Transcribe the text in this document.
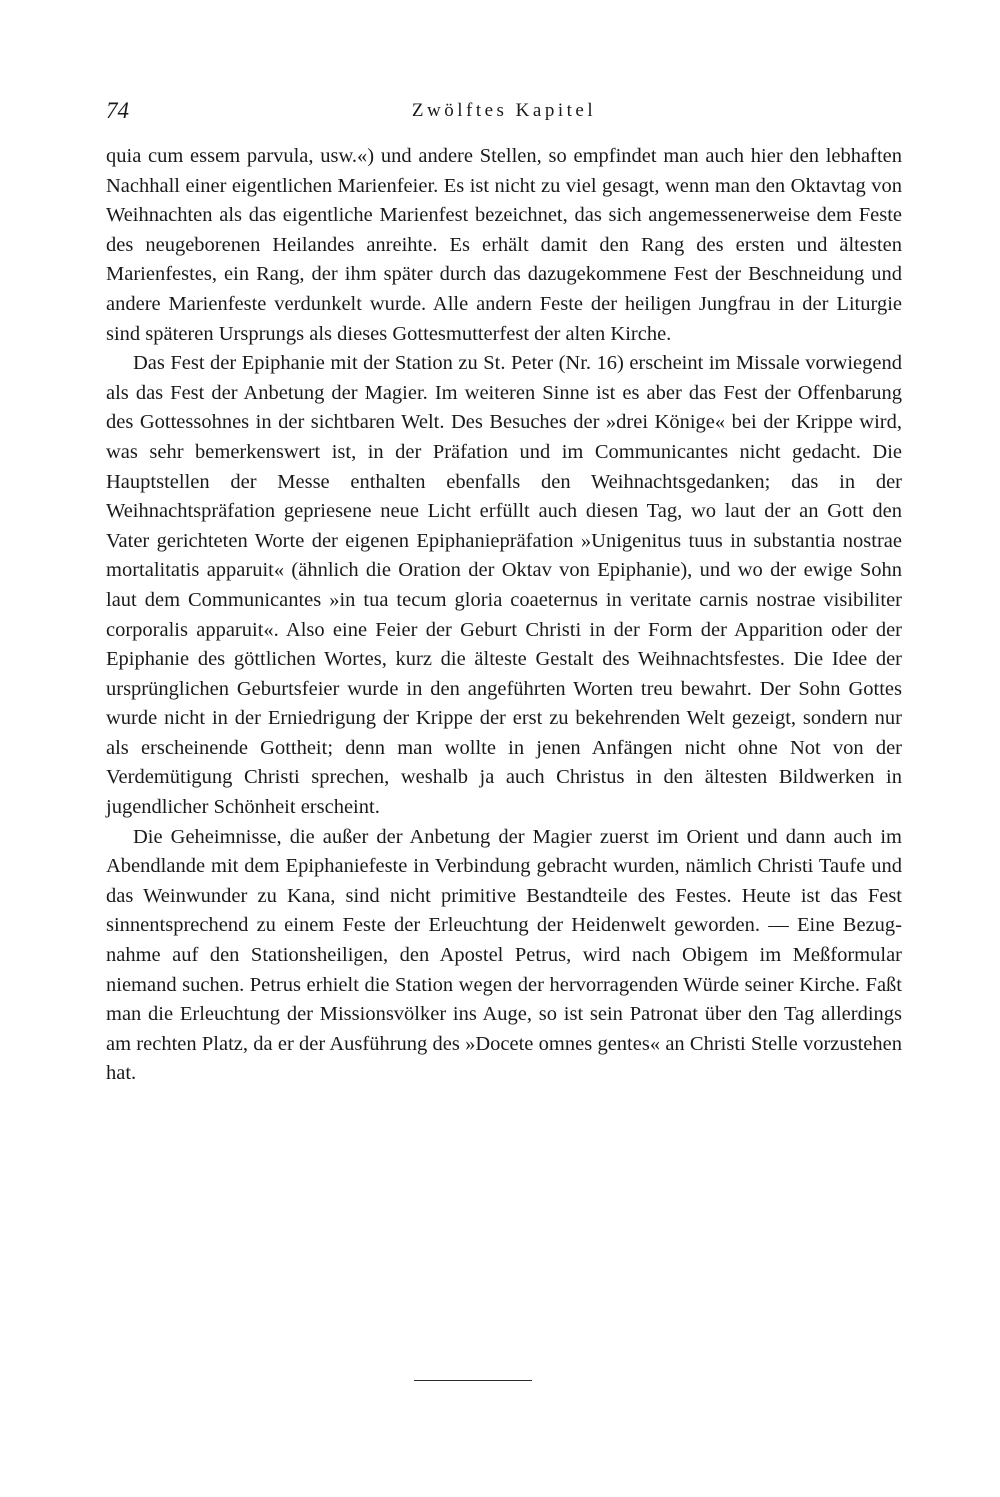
74	Zwölftes Kapitel

quia cum essem parvula, usw.«) und andere Stellen, so empfindet man auch hier den lebhaften Nachhall einer eigentlichen Marienfeier. Es ist nicht zu viel gesagt, wenn man den Oktavtag von Weihnachten als das eigentliche Marienfest bezeichnet, das sich angemessenerweise dem Feste des neugeborenen Heilandes anreihte. Es erhält damit den Rang des ersten und ältesten Marienfestes, ein Rang, der ihm später durch das dazugekommene Fest der Beschneidung und andere Marienfeste verdunkelt wurde. Alle andern Feste der heiligen Jungfrau in der Liturgie sind späteren Ursprungs als dieses Gottesmutterfest der alten Kirche.

Das Fest der Epiphanie mit der Station zu St. Peter (Nr. 16) erscheint im Missale vorwiegend als das Fest der Anbetung der Magier. Im weiteren Sinne ist es aber das Fest der Offenbarung des Gottessohnes in der sichtbaren Welt. Des Besuches der »drei Könige« bei der Krippe wird, was sehr bemerkenswert ist, in der Präfation und im Communicantes nicht gedacht. Die Hauptstellen der Messe enthalten ebenfalls den Weihnachtsgedanken; das in der Weihnachtspräfation gepriesene neue Licht erfüllt auch diesen Tag, wo laut der an Gott den Vater gerichteten Worte der eigenen Epiphaniepräfation »Unigenitus tuus in substantia nostrae mortalitatis apparuit« (ähnlich die Oration der Oktav von Epiphanie), und wo der ewige Sohn laut dem Communicantes »in tua tecum gloria coaeternus in veritate carnis nostrae visibiliter corporalis apparuit«. Also eine Feier der Geburt Christi in der Form der Apparition oder der Epiphanie des göttlichen Wortes, kurz die älteste Gestalt des Weihnachtsfestes. Die Idee der ursprünglichen Geburtsfeier wurde in den angeführten Worten treu bewahrt. Der Sohn Gottes wurde nicht in der Erniedrigung der Krippe der erst zu bekehrenden Welt gezeigt, sondern nur als erscheinende Gottheit; denn man wollte in jenen Anfängen nicht ohne Not von der Verdemütigung Christi sprechen, weshalb ja auch Christus in den ältesten Bildwerken in jugendlicher Schönheit erscheint.

Die Geheimnisse, die außer der Anbetung der Magier zuerst im Orient und dann auch im Abendlande mit dem Epiphaniefeste in Verbindung gebracht wurden, nämlich Christi Taufe und das Weinwunder zu Kana, sind nicht primitive Bestandteile des Festes. Heute ist das Fest sinnentsprechend zu einem Feste der Erleuchtung der Heidenwelt geworden. — Eine Bezugnahme auf den Stationsheiligen, den Apostel Petrus, wird nach Obigem im Meßformular niemand suchen. Petrus erhielt die Station wegen der hervorragenden Würde seiner Kirche. Faßt man die Erleuchtung der Missionsvölker ins Auge, so ist sein Patronat über den Tag allerdings am rechten Platz, da er der Ausführung des »Docete omnes gentes« an Christi Stelle vorzustehen hat.
